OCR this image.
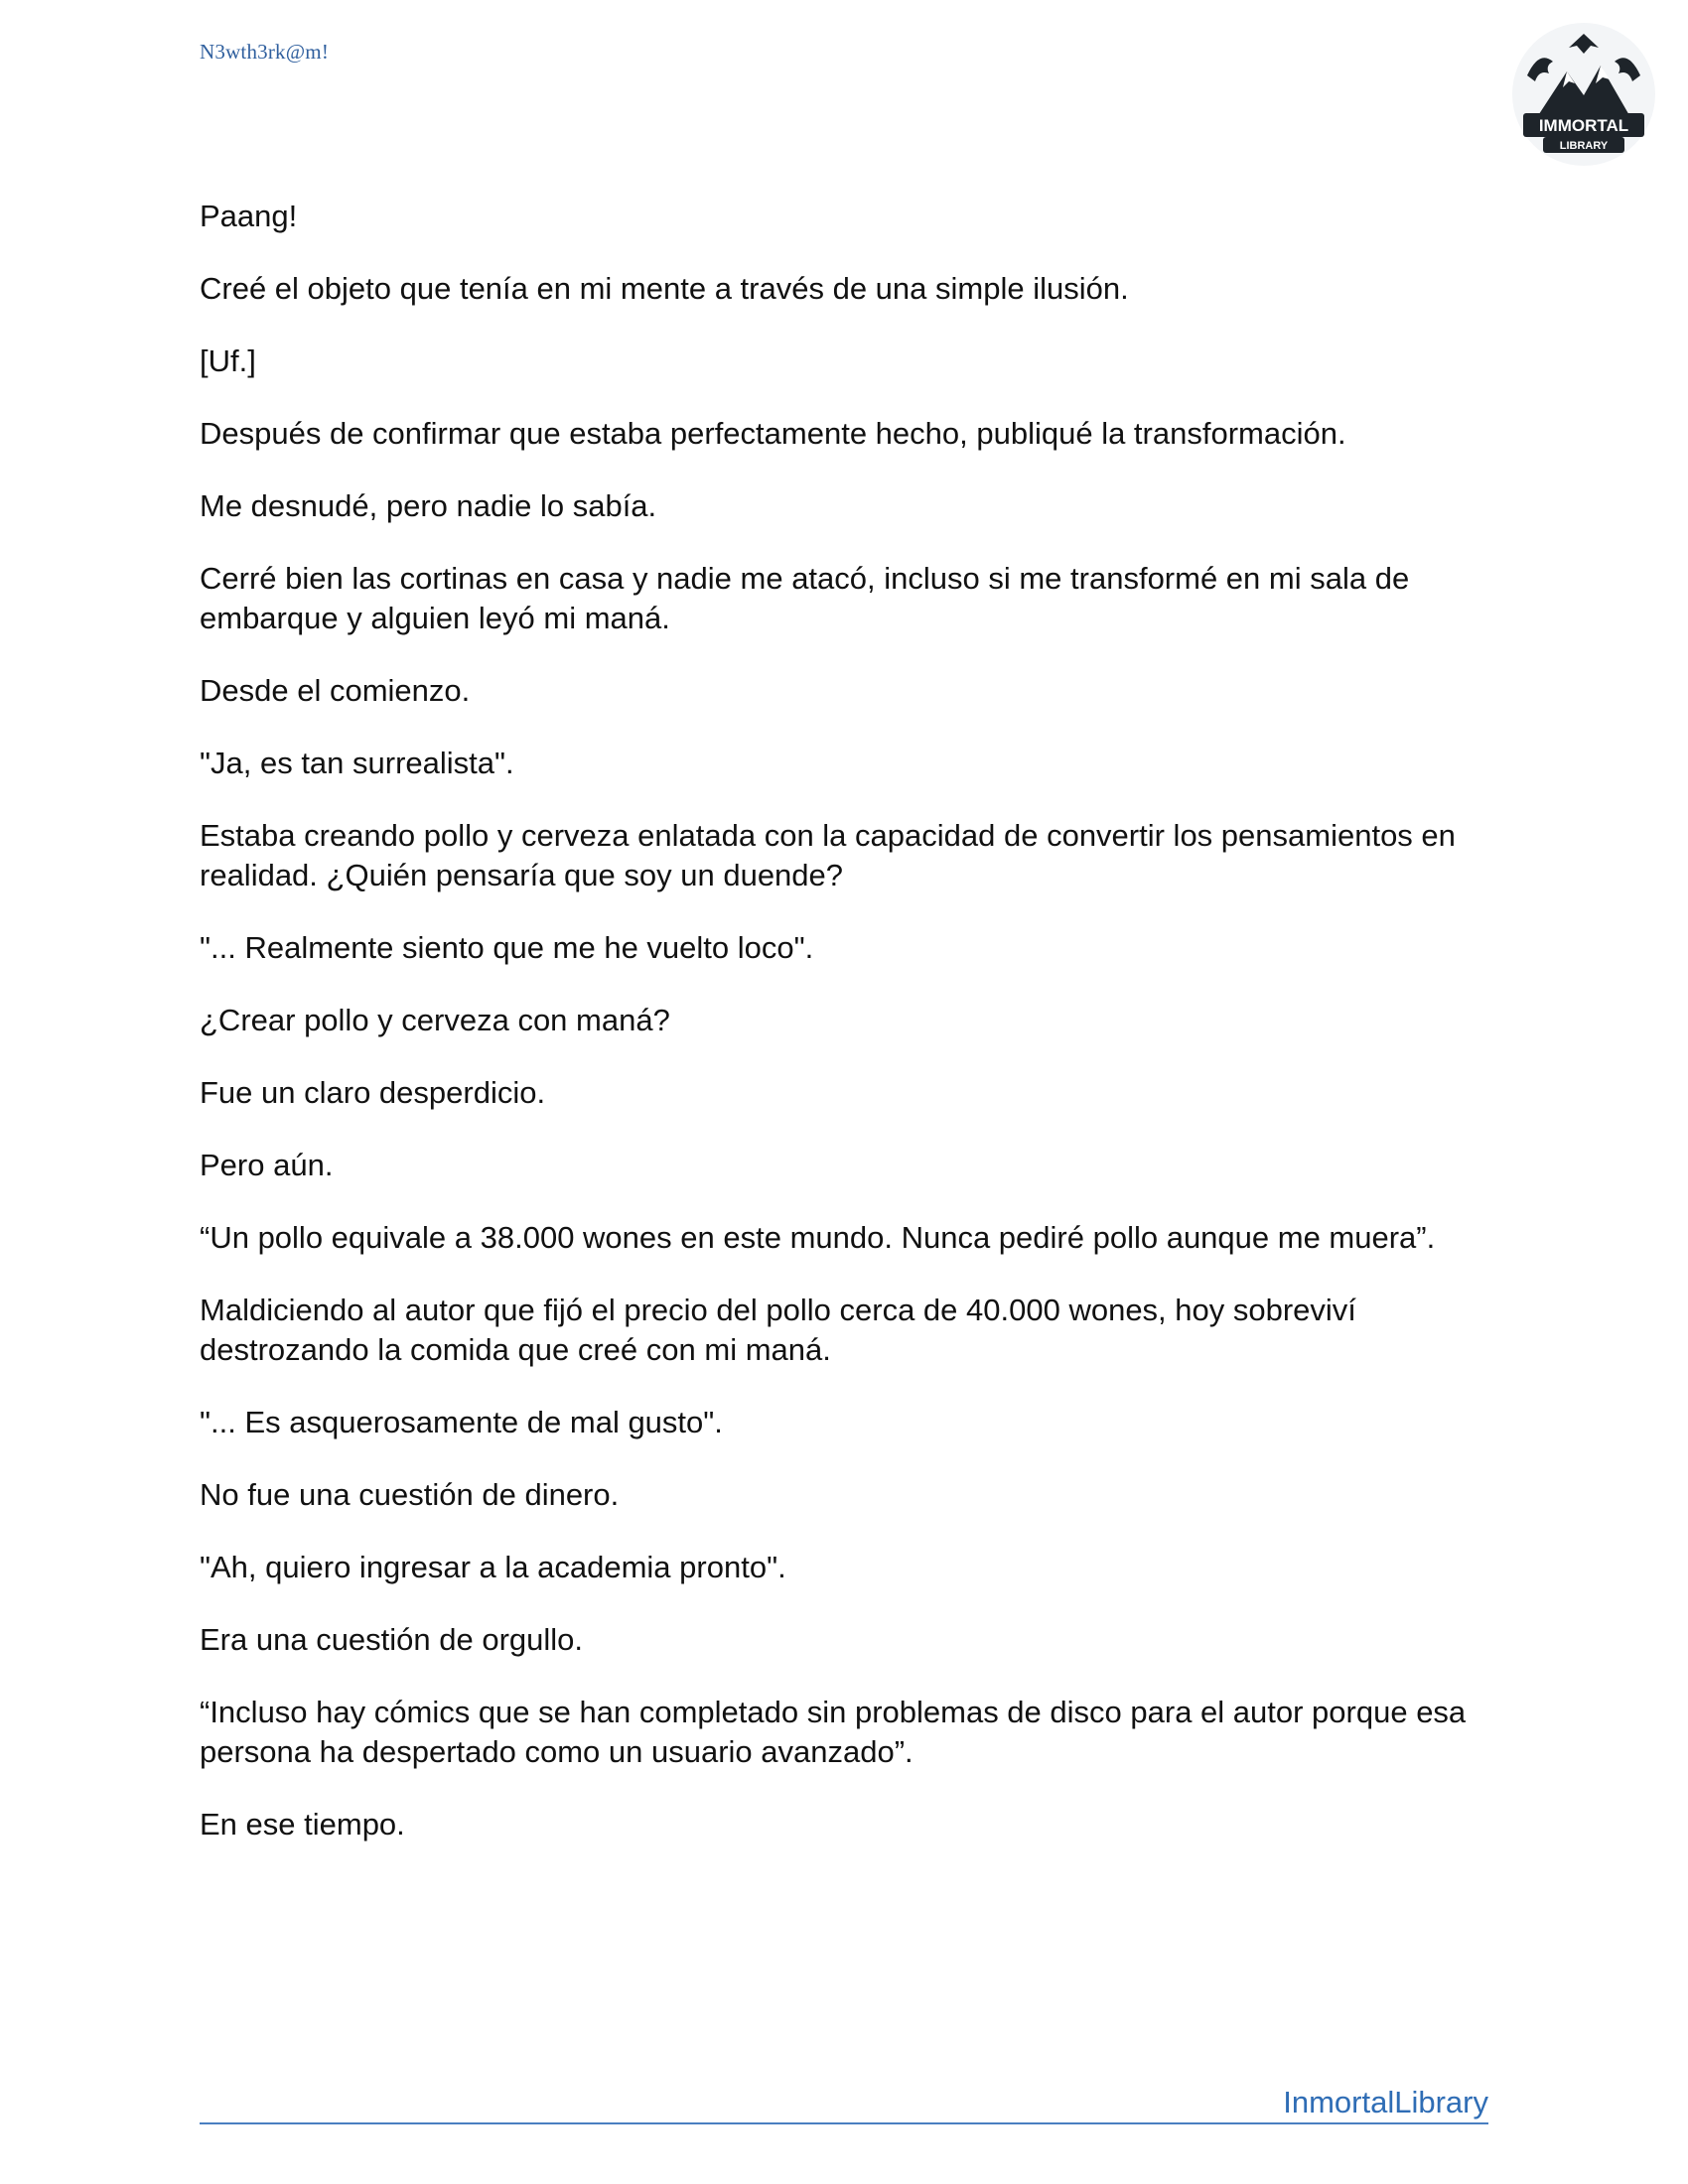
N3wth3rk@m!
IMMORTAL
LIBRARY

Paang!

Creé el objeto que tenía en mi mente a través de una simple ilusión.

[Uf.]

Después de confirmar que estaba perfectamente hecho, publiqué la transformación.

Me desnudé, pero nadie lo sabía.

Cerré bien las cortinas en casa y nadie me atacó, incluso si me transformé en mi sala de embarque y alguien leyó mi maná.

Desde el comienzo.

"Ja, es tan surrealista".

Estaba creando pollo y cerveza enlatada con la capacidad de convertir los pensamientos en realidad. ¿Quién pensaría que soy un duende?

"... Realmente siento que me he vuelto loco".

¿Crear pollo y cerveza con maná?

Fue un claro desperdicio.

Pero aún.

“Un pollo equivale a 38.000 wones en este mundo. Nunca pediré pollo aunque me muera”.

Maldiciendo al autor que fijó el precio del pollo cerca de 40.000 wones, hoy sobreviví destrozando la comida que creé con mi maná.

"... Es asquerosamente de mal gusto".

No fue una cuestión de dinero.

"Ah, quiero ingresar a la academia pronto".

Era una cuestión de orgullo.

“Incluso hay cómics que se han completado sin problemas de disco para el autor porque esa persona ha despertado como un usuario avanzado”.

En ese tiempo.

InmortalLibrary
